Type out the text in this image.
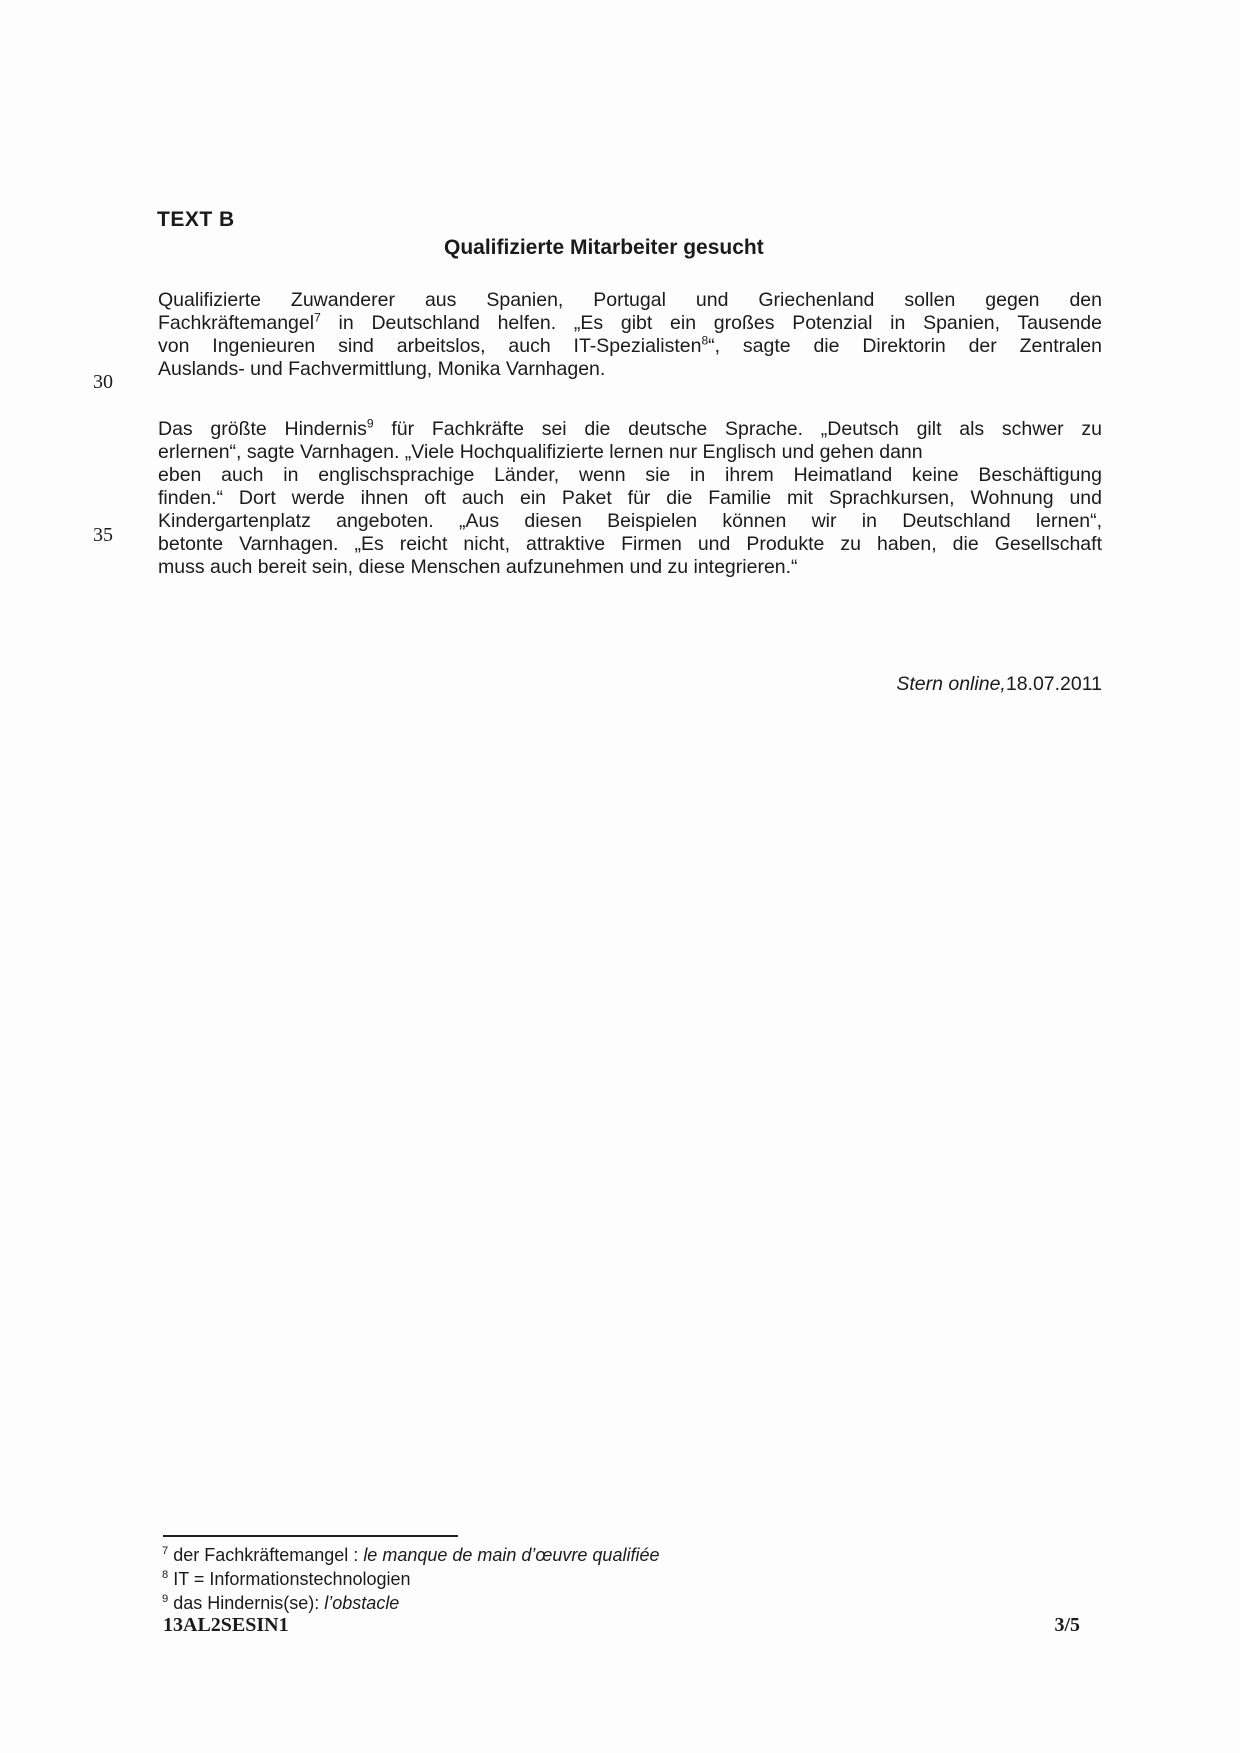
TEXT B
Qualifizierte Mitarbeiter gesucht
Qualifizierte Zuwanderer aus Spanien, Portugal und Griechenland sollen gegen den
Fachkräftemangel$^7$ in Deutschland helfen. „Es gibt ein großes Potenzial in Spanien, Tausende
von Ingenieuren sind arbeitslos, auch IT-Spezialisten$^8$“, sagte die Direktorin der Zentralen
Auslands- und Fachvermittlung, Monika Varnhagen.
30
Das größte Hindernis$^9$ für Fachkräfte sei die deutsche Sprache. „Deutsch gilt als schwer zu
erlernen“, sagte Varnhagen. „Viele Hochqualifizierte lernen nur Englisch und gehen dann
eben auch in englischsprachige Länder, wenn sie in ihrem Heimatland keine Beschäftigung
finden.“ Dort werde ihnen oft auch ein Paket für die Familie mit Sprachkursen, Wohnung und
Kindergartenplatz angeboten. „Aus diesen Beispielen können wir in Deutschland lernen“,
betonte Varnhagen. „Es reicht nicht, attraktive Firmen und Produkte zu haben, die Gesellschaft
muss auch bereit sein, diese Menschen aufzunehmen und zu integrieren.“
35
Stern online,18.07.2011
$^7$ der Fachkräftemangel : le manque de main d’œuvre qualifiée
$^8$ IT = Informationstechnologien
$^9$ das Hindernis(se): l’obstacle
13AL2SESIN1	3/5
